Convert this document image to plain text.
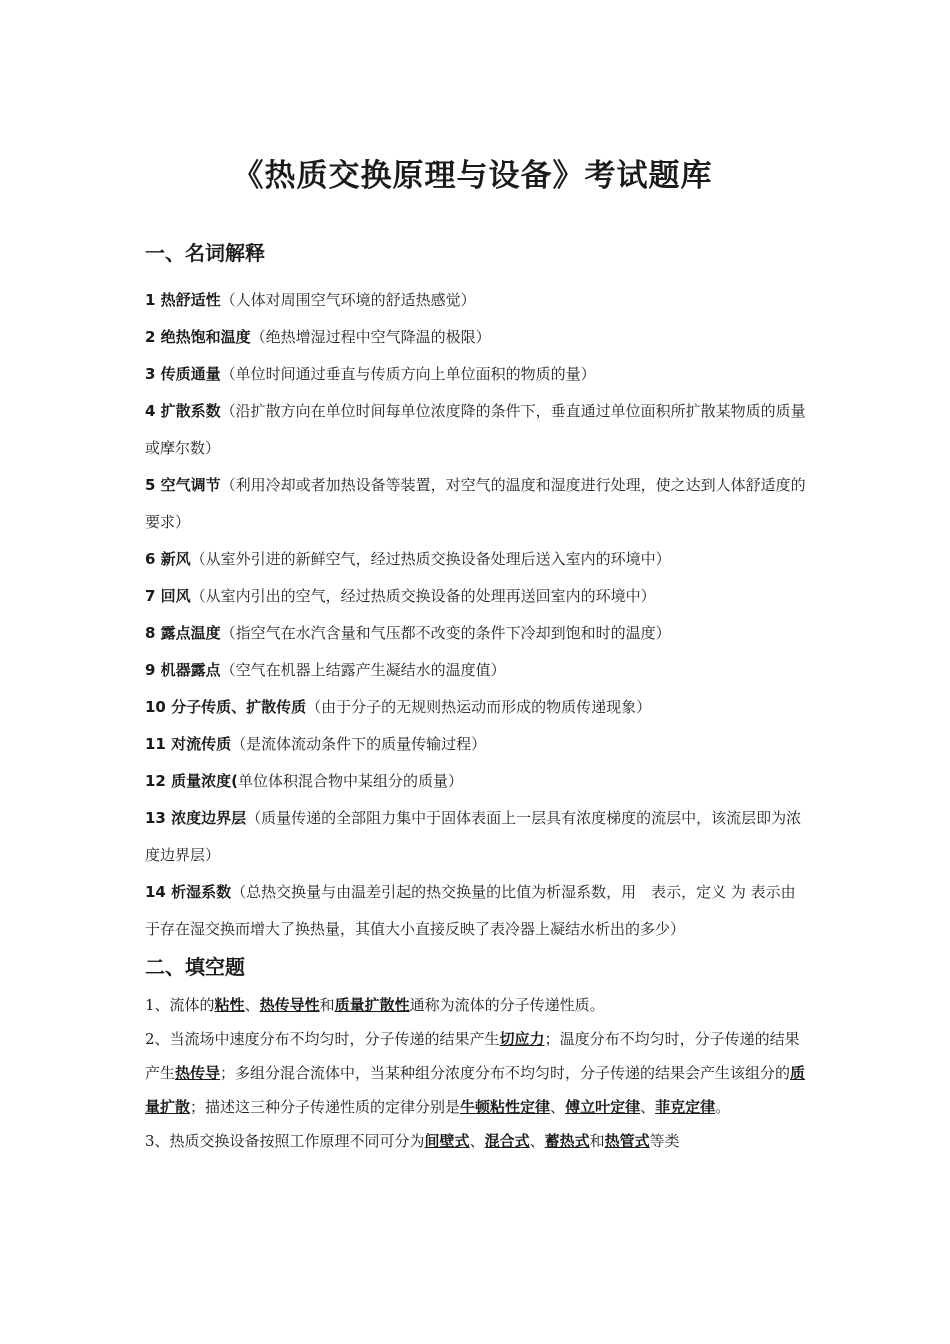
《热质交换原理与设备》考试题库
一、名词解释

1 热舒适性（人体对周围空气环境的舒适热感觉）

2 绝热饱和温度（绝热增湿过程中空气降温的极限）

3 传质通量（单位时间通过垂直与传质方向上单位面积的物质的量）

4 扩散系数（沿扩散方向在单位时间每单位浓度降的条件下，垂直通过单位面积所扩散某物质的质量或摩尔数）

5 空气调节（利用冷却或者加热设备等装置，对空气的温度和湿度进行处理，使之达到人体舒适度的要求）

6 新风（从室外引进的新鲜空气，经过热质交换设备处理后送入室内的环境中）

7 回风（从室内引出的空气，经过热质交换设备的处理再送回室内的环境中）

8 露点温度（指空气在水汽含量和气压都不改变的条件下冷却到饱和时的温度）

9 机器露点（空气在机器上结露产生凝结水的温度值）

10 分子传质、扩散传质（由于分子的无规则热运动而形成的物质传递现象）

11 对流传质（是流体流动条件下的质量传输过程）

12 质量浓度(单位体积混合物中某组分的质量）

13 浓度边界层（质量传递的全部阻力集中于固体表面上一层具有浓度梯度的流层中，该流层即为浓度边界层）

14 析湿系数（总热交换量与由温差引起的热交换量的比值为析湿系数，用　表示，定义 为 表示由于存在湿交换而增大了换热量，其值大小直接反映了表冷器上凝结水析出的多少）

二、填空题

1、流体的粘性、热传导性和质量扩散性通称为流体的分子传递性质。

2、当流场中速度分布不均匀时，分子传递的结果产生切应力；温度分布不均匀时，分子传递的结果产生热传导；多组分混合流体中，当某种组分浓度分布不均匀时，分子传递的结果会产生该组分的质量扩散；描述这三种分子传递性质的定律分别是牛顿粘性定律、傅立叶定律、菲克定律。

3、热质交换设备按照工作原理不同可分为间壁式、混合式、蓄热式和热管式等类
